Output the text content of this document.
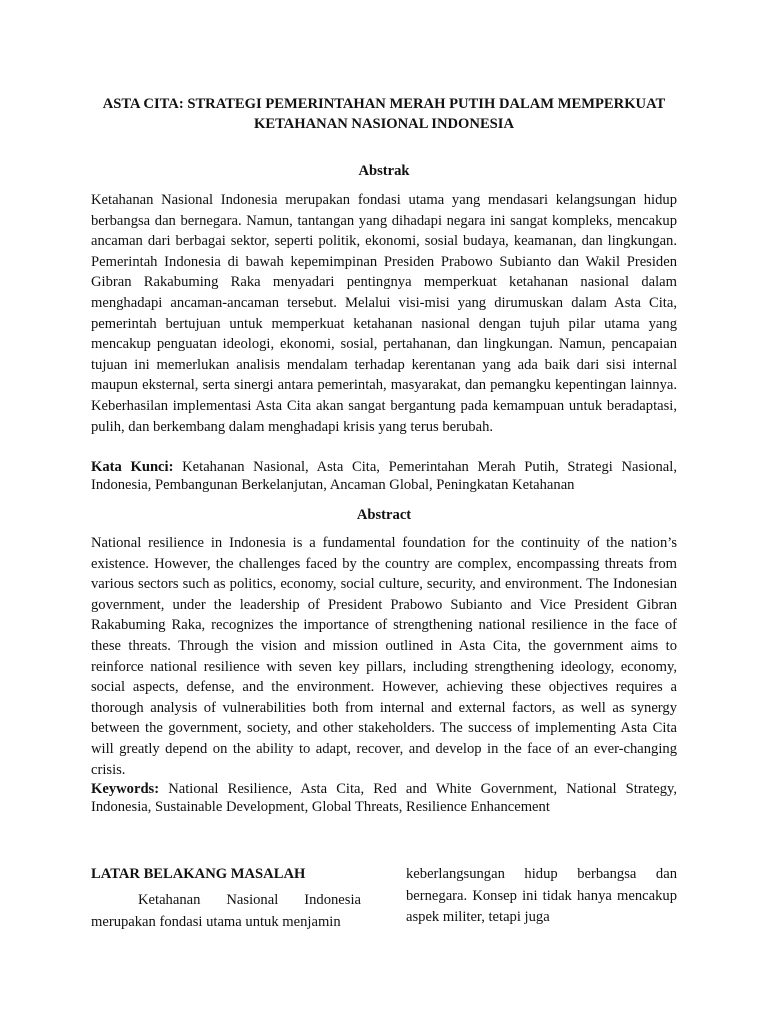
ASTA CITA: STRATEGI PEMERINTAHAN MERAH PUTIH DALAM MEMPERKUAT KETAHANAN NASIONAL INDONESIA
Abstrak

Ketahanan Nasional Indonesia merupakan fondasi utama yang mendasari kelangsungan hidup berbangsa dan bernegara. Namun, tantangan yang dihadapi negara ini sangat kompleks, mencakup ancaman dari berbagai sektor, seperti politik, ekonomi, sosial budaya, keamanan, dan lingkungan. Pemerintah Indonesia di bawah kepemimpinan Presiden Prabowo Subianto dan Wakil Presiden Gibran Rakabuming Raka menyadari pentingnya memperkuat ketahanan nasional dalam menghadapi ancaman-ancaman tersebut. Melalui visi-misi yang dirumuskan dalam Asta Cita, pemerintah bertujuan untuk memperkuat ketahanan nasional dengan tujuh pilar utama yang mencakup penguatan ideologi, ekonomi, sosial, pertahanan, dan lingkungan. Namun, pencapaian tujuan ini memerlukan analisis mendalam terhadap kerentanan yang ada baik dari sisi internal maupun eksternal, serta sinergi antara pemerintah, masyarakat, dan pemangku kepentingan lainnya. Keberhasilan implementasi Asta Cita akan sangat bergantung pada kemampuan untuk beradaptasi, pulih, dan berkembang dalam menghadapi krisis yang terus berubah.

Kata Kunci: Ketahanan Nasional, Asta Cita, Pemerintahan Merah Putih, Strategi Nasional, Indonesia, Pembangunan Berkelanjutan, Ancaman Global, Peningkatan Ketahanan

Abstract

National resilience in Indonesia is a fundamental foundation for the continuity of the nation’s existence. However, the challenges faced by the country are complex, encompassing threats from various sectors such as politics, economy, social culture, security, and environment. The Indonesian government, under the leadership of President Prabowo Subianto and Vice President Gibran Rakabuming Raka, recognizes the importance of strengthening national resilience in the face of these threats. Through the vision and mission outlined in Asta Cita, the government aims to reinforce national resilience with seven key pillars, including strengthening ideology, economy, social aspects, defense, and the environment. However, achieving these objectives requires a thorough analysis of vulnerabilities both from internal and external factors, as well as synergy between the government, society, and other stakeholders. The success of implementing Asta Cita will greatly depend on the ability to adapt, recover, and develop in the face of an ever-changing crisis.

Keywords: National Resilience, Asta Cita, Red and White Government, National Strategy, Indonesia, Sustainable Development, Global Threats, Resilience Enhancement

LATAR BELAKANG MASALAH

Ketahanan Nasional Indonesia merupakan fondasi utama untuk menjamin

keberlangsungan hidup berbangsa dan bernegara. Konsep ini tidak hanya mencakup aspek militer, tetapi juga
